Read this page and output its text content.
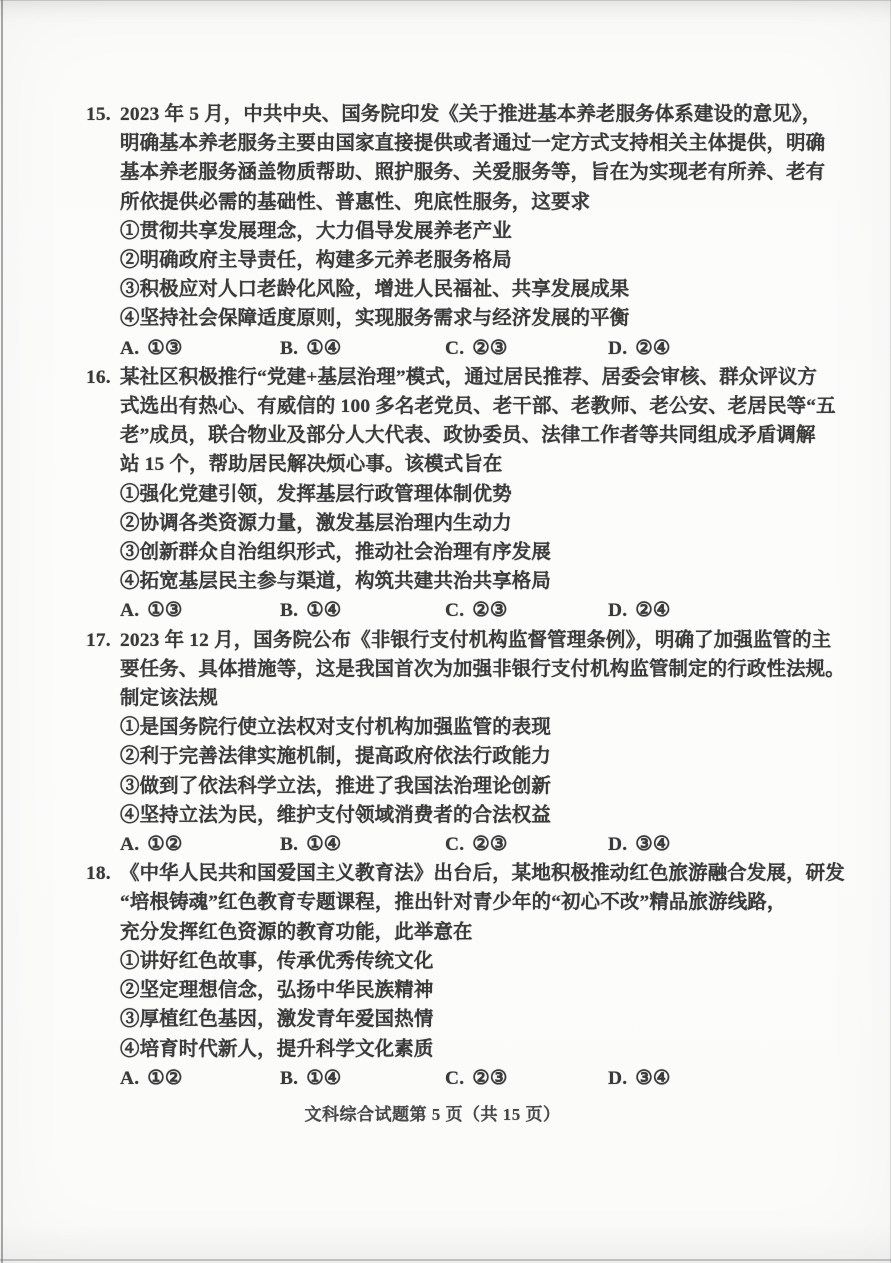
15. 2023 年 5 月，中共中央、国务院印发《关于推进基本养老服务体系建设的意见》，
明确基本养老服务主要由国家直接提供或者通过一定方式支持相关主体提供，明确
基本养老服务涵盖物质帮助、照护服务、关爱服务等，旨在为实现老有所养、老有
所依提供必需的基础性、普惠性、兜底性服务，这要求
①贯彻共享发展理念，大力倡导发展养老产业
②明确政府主导责任，构建多元养老服务格局
③积极应对人口老龄化风险，增进人民福祉、共享发展成果
④坚持社会保障适度原则，实现服务需求与经济发展的平衡
A. ①③	B. ①④	C. ②③	D. ②④
16. 某社区积极推行“党建+基层治理”模式，通过居民推荐、居委会审核、群众评议方
式选出有热心、有威信的 100 多名老党员、老干部、老教师、老公安、老居民等“五
老”成员，联合物业及部分人大代表、政协委员、法律工作者等共同组成矛盾调解
站 15 个，帮助居民解决烦心事。该模式旨在
①强化党建引领，发挥基层行政管理体制优势
②协调各类资源力量，激发基层治理内生动力
③创新群众自治组织形式，推动社会治理有序发展
④拓宽基层民主参与渠道，构筑共建共治共享格局
A. ①③	B. ①④	C. ②③	D. ②④
17. 2023 年 12 月，国务院公布《非银行支付机构监督管理条例》，明确了加强监管的主
要任务、具体措施等，这是我国首次为加强非银行支付机构监管制定的行政性法规。
制定该法规
①是国务院行使立法权对支付机构加强监管的表现
②利于完善法律实施机制，提高政府依法行政能力
③做到了依法科学立法，推进了我国法治理论创新
④坚持立法为民，维护支付领域消费者的合法权益
A. ①②	B. ①④	C. ②③	D. ③④
18. 《中华人民共和国爱国主义教育法》出台后，某地积极推动红色旅游融合发展，研发
“培根铸魂”红色教育专题课程，推出针对青少年的“初心不改”精品旅游线路，
充分发挥红色资源的教育功能，此举意在
①讲好红色故事，传承优秀传统文化
②坚定理想信念，弘扬中华民族精神
③厚植红色基因，激发青年爱国热情
④培育时代新人，提升科学文化素质
A. ①②	B. ①④	C. ②③	D. ③④
文科综合试题第 5 页（共 15 页）
